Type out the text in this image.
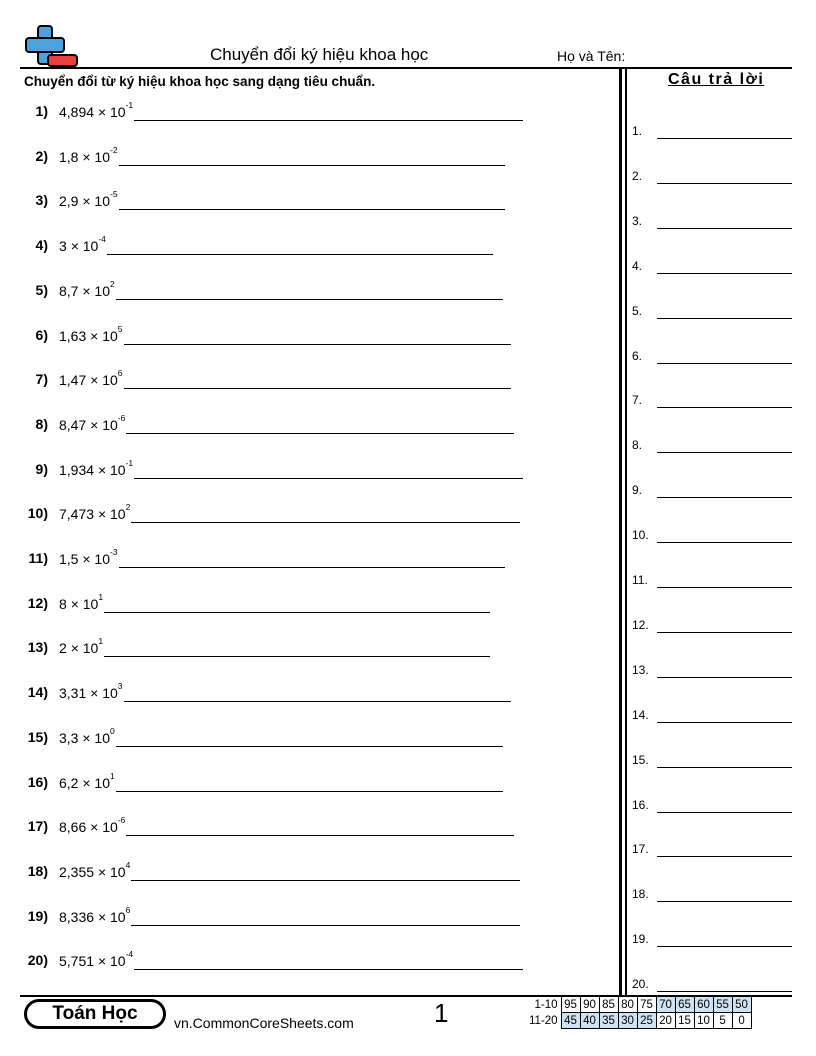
Chuyển đổi ký hiệu khoa học	Họ và Tên:
Chuyển đổi từ ký hiệu khoa học sang dạng tiêu chuẩn.
1) $4,894 \times 10^{-1}$
2) $1,8 \times 10^{-2}$
3) $2,9 \times 10^{-5}$
4) $3 \times 10^{-4}$
5) $8,7 \times 10^2$
6) $1,63 \times 10^5$
7) $1,47 \times 10^6$
8) $8,47 \times 10^{-6}$
9) $1,934 \times 10^{-1}$
10) $7,473 \times 10^2$
11) $1,5 \times 10^{-3}$
12) $8 \times 10^1$
13) $2 \times 10^1$
14) $3,31 \times 10^3$
15) $3,3 \times 10^0$
16) $6,2 \times 10^1$
17) $8,66 \times 10^{-6}$
18) $2,355 \times 10^4$
19) $8,336 \times 10^6$
20) $5,751 \times 10^{-4}$
Câu trả lời
1.
2.
3.
4.
5.
6.
7.
8.
9.
10.
11.
12.
13.
14.
15.
16.
17.
18.
19.
20.
Toán Học	vn.CommonCoreSheets.com	1	1-10	95	90	85	80	75	70	65	60	55	50
11-20	45	40	35	30	25	20	15	10	5	0
